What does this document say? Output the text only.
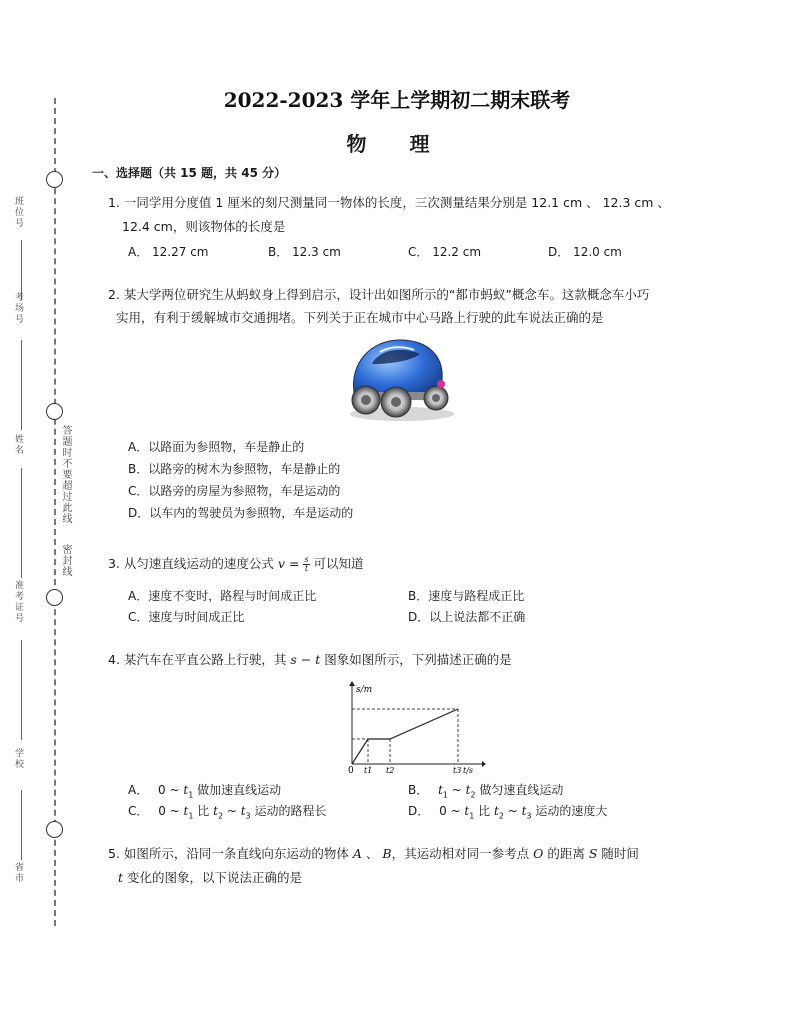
班位号
考场号
姓名
准考证号
学校
省市
答题时不要超过此线
密封线
2022-2023 学年上学期初二期末联考
物 理
一、选择题（共 15 题，共 45 分）
1. 一同学用分度值 1 厘米的刻尺测量同一物体的长度，三次测量结果分别是 12.1 cm 、 12.3 cm 、
12.4 cm，则该物体的长度是
A． 12.27 cm	B． 12.3 cm	C． 12.2 cm	D． 12.0 cm
2. 某大学两位研究生从蚂蚁身上得到启示，设计出如图所示的“都市蚂蚁”概念车。这款概念车小巧
实用，有利于缓解城市交通拥堵。下列关于正在城市中心马路上行驶的此车说法正确的是
A．以路面为参照物，车是静止的
B．以路旁的树木为参照物，车是静止的
C．以路旁的房屋为参照物，车是运动的
D．以车内的驾驶员为参照物，车是运动的
3. 从匀速直线运动的速度公式 $v = \frac{s}{t}$ 可以知道
A．速度不变时，路程与时间成正比	B．速度与路程成正比
C．速度与时间成正比	D．以上说法都不正确
4. 某汽车在平直公路上行驶，其 s − t 图象如图所示，下列描述正确的是
s/m
0 t1 t2	t3 t/s
A． 0 ~ $t_1$ 做加速直线运动	B． $t_1$ ~ $t_2$ 做匀速直线运动
C． 0 ~ $t_1$ 比 $t_2$ ~ $t_3$ 运动的路程长	D． 0 ~ $t_1$ 比 $t_2$ ~ $t_3$ 运动的速度大
5. 如图所示，沿同一条直线向东运动的物体 A 、 B，其运动相对同一参考点 O 的距离 S 随时间
t 变化的图象，以下说法正确的是
